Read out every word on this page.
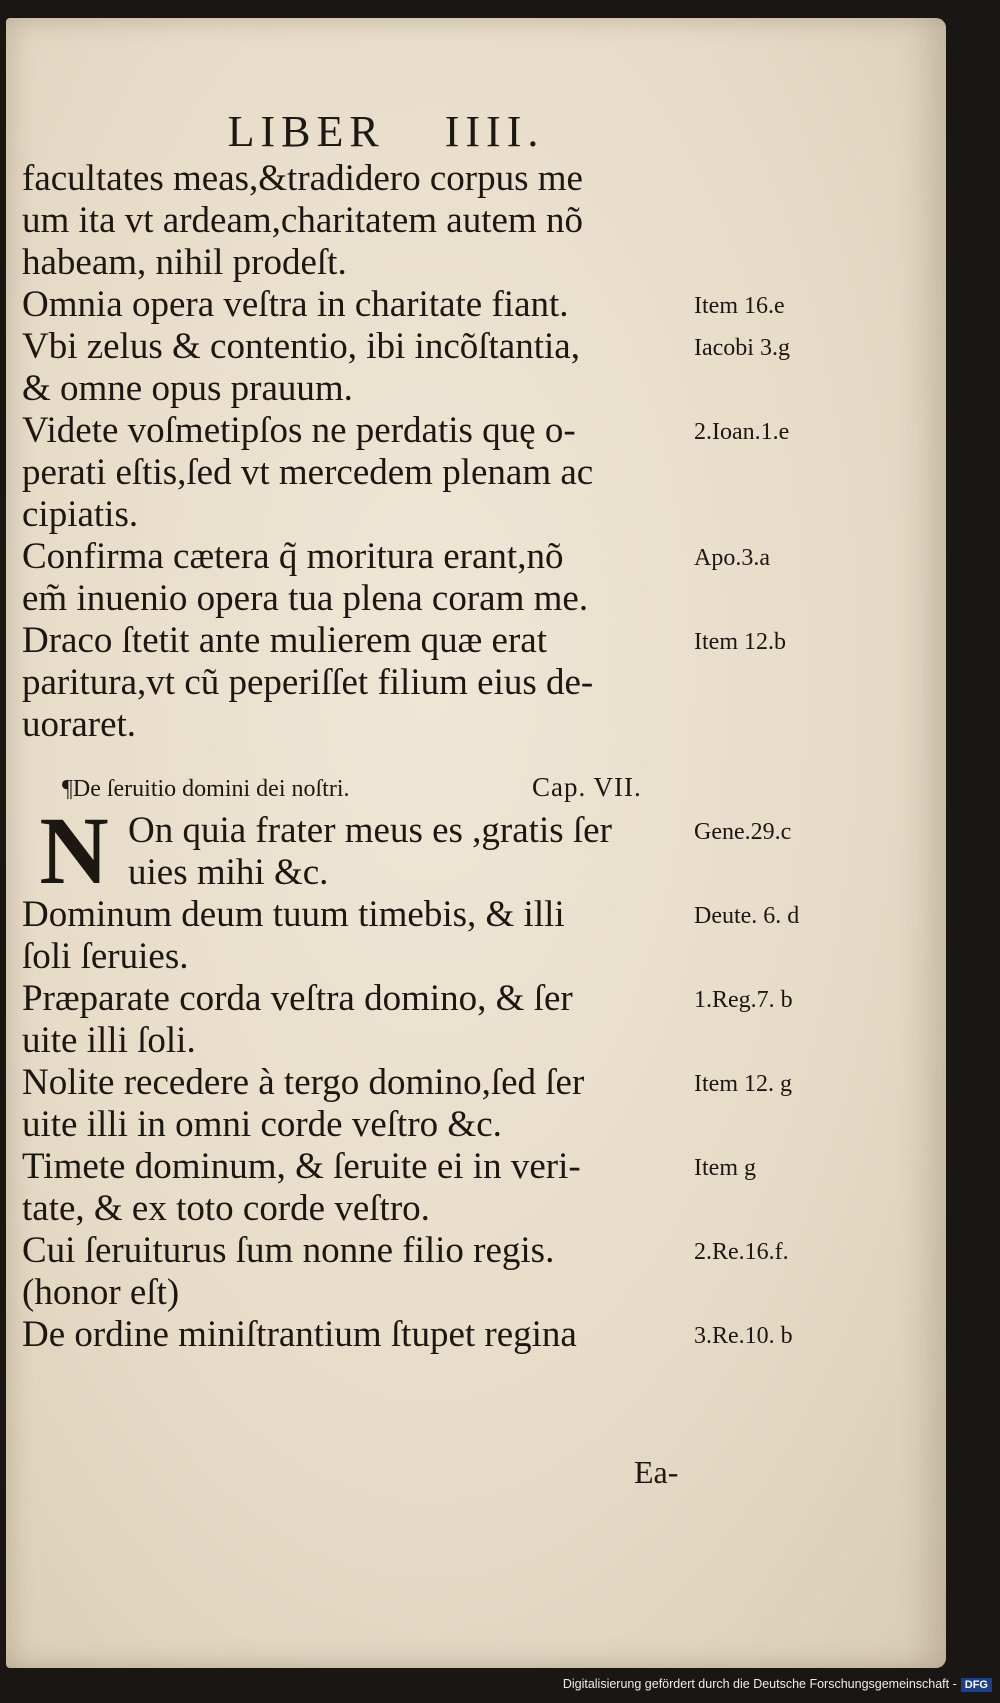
LIBER IIII.
facultates meas,&tradidero corpus me
um ita vt ardeam,charitatem autem nõ
habeam, nihil prodeſt.
Omnia opera veſtra in charitate fiant.	Item 16.e
Vbi zelus & contentio, ibi incõſtantia,	Iacobi 3.g
& omne opus prauum.
Videte voſmetipſos ne perdatis quę o-	2.Ioan.1.e
perati eſtis,ſed vt mercedem plenam ac
cipiatis.
Confirma cætera q̃ moritura erant,nõ	Apo.3.a
em̃ inuenio opera tua plena coram me.
Draco ſtetit ante mulierem quæ erat	Item 12.b
paritura,vt cũ peperiſſet filium eius de-
uoraret.
¶De ſeruitio domini dei noſtri.	Cap. VII.
N On quia frater meus es ,gratis ſer	Gene.29.c
uies mihi &c.
Dominum deum tuum timebis, & illi	Deute. 6. d
ſoli ſeruies.
Præparate corda veſtra domino, & ſer	1.Reg.7. b
uite illi ſoli.
Nolite recedere à tergo domino,ſed ſer	Item 12. g
uite illi in omni corde veſtro &c.
Timete dominum, & ſeruite ei in veri-	Item g
tate, & ex toto corde veſtro.
Cui ſeruiturus ſum nonne filio regis.	2.Re.16.f.
(honor eſt)
De ordine miniſtrantium ſtupet regina	3.Re.10. b
Ea-
Digitalisierung gefördert durch die Deutsche Forschungsgemeinschaft - DFG
